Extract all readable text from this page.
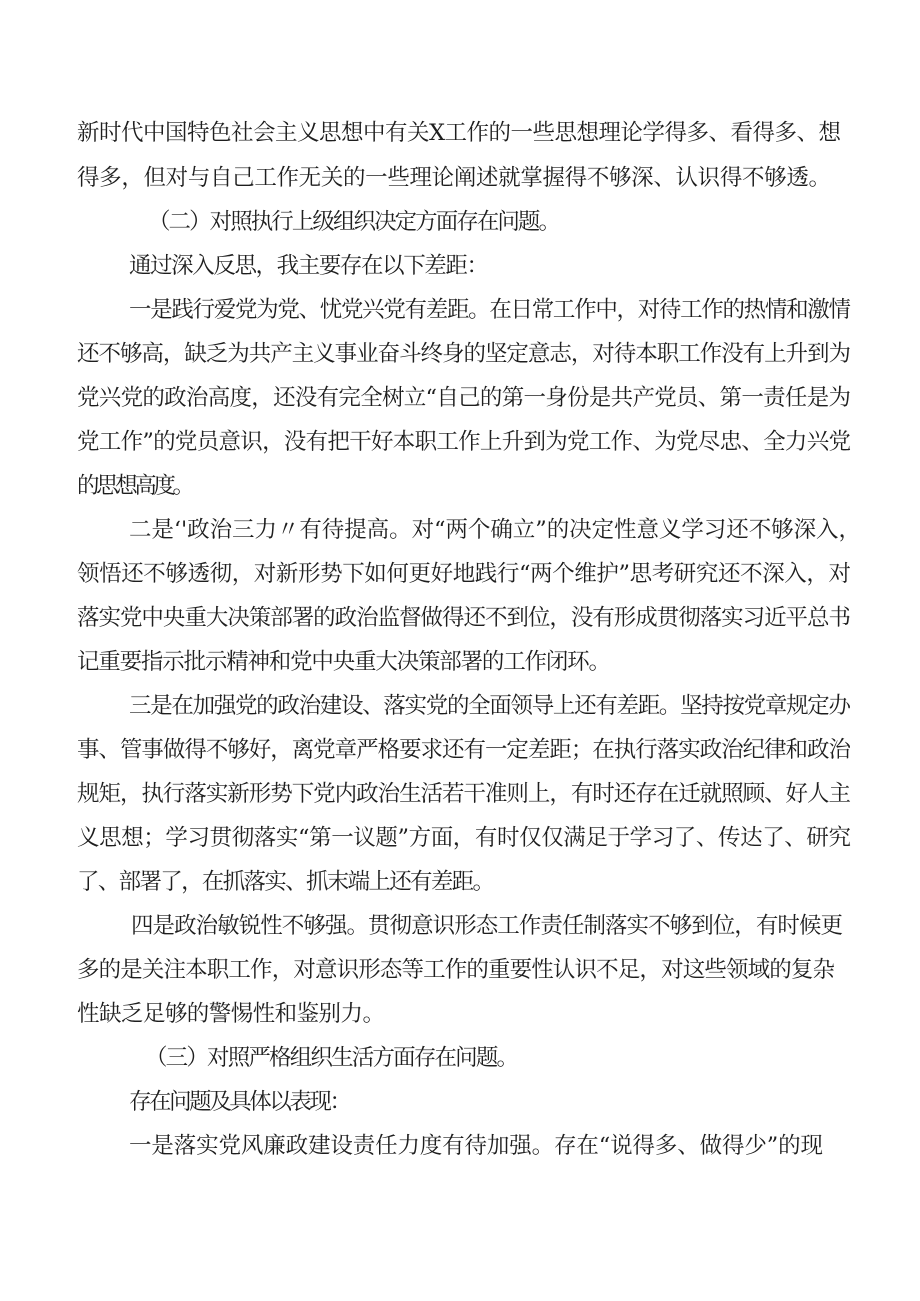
新时代中国特色社会主义思想中有关X工作的一些思想理论学得多、看得多、想

得多，但对与自己工作无关的一些理论阐述就掌握得不够深、认识得不够透。

（二）对照执行上级组织决定方面存在问题。

通过深入反思，我主要存在以下差距：

一是践行爱党为党、忧党兴党有差距。在日常工作中，对待工作的热情和激情

还不够高，缺乏为共产主义事业奋斗终身的坚定意志，对待本职工作没有上升到为

党兴党的政治高度，还没有完全树立“自己的第一身份是共产党员、第一责任是为

党工作”的党员意识，没有把干好本职工作上升到为党工作、为党尽忠、全力兴党

的思想高度。

二是‘'政治三力〃有待提高。对“两个确立”的决定性意义学习还不够深入，

领悟还不够透彻，对新形势下如何更好地践行“两个维护”思考研究还不深入，对

落实党中央重大决策部署的政治监督做得还不到位，没有形成贯彻落实习近平总书

记重要指示批示精神和党中央重大决策部署的工作闭环。

三是在加强党的政治建设、落实党的全面领导上还有差距。坚持按党章规定办

事、管事做得不够好，离党章严格要求还有一定差距；在执行落实政治纪律和政治

规矩，执行落实新形势下党内政治生活若干准则上，有时还存在迁就照顾、好人主

义思想；学习贯彻落实“第一议题”方面，有时仅仅满足于学习了、传达了、研究

了、部署了，在抓落实、抓末端上还有差距。

四是政治敏锐性不够强。贯彻意识形态工作责任制落实不够到位，有时候更

多的是关注本职工作，对意识形态等工作的重要性认识不足，对这些领域的复杂

性缺乏足够的警惕性和鉴别力。

（三）对照严格组织生活方面存在问题。

存在问题及具体以表现：

一是落实党风廉政建设责任力度有待加强。存在“说得多、做得少”的现
